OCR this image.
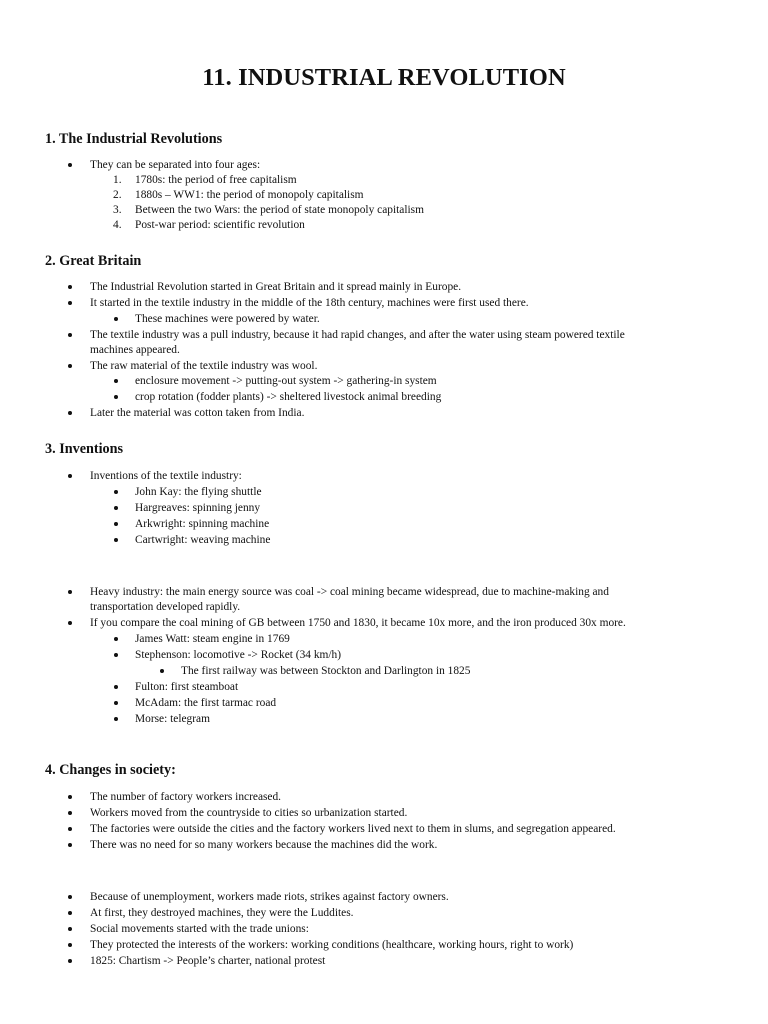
11. INDUSTRIAL REVOLUTION
1. The Industrial Revolutions

They can be separated into four ages:

1. 1780s: the period of free capitalism

2. 1880s – WW1: the period of monopoly capitalism

3. Between the two Wars: the period of state monopoly capitalism

4. Post-war period: scientific revolution

2. Great Britain

The Industrial Revolution started in Great Britain and it spread mainly in Europe.

It started in the textile industry in the middle of the 18th century, machines were first used there.

These machines were powered by water.

The textile industry was a pull industry, because it had rapid changes, and after the water using steam powered textile

machines appeared.

The raw material of the textile industry was wool.

enclosure movement -> putting-out system -> gathering-in system

crop rotation (fodder plants) -> sheltered livestock animal breeding

Later the material was cotton taken from India.

3. Inventions

Inventions of the textile industry:

John Kay: the flying shuttle

Hargreaves: spinning jenny

Arkwright: spinning machine

Cartwright: weaving machine

Heavy industry: the main energy source was coal -> coal mining became widespread, due to machine-making and

transportation developed rapidly.

If you compare the coal mining of GB between 1750 and 1830, it became 10x more, and the iron produced 30x more.

James Watt: steam engine in 1769

Stephenson: locomotive -> Rocket (34 km/h)

The first railway was between Stockton and Darlington in 1825

Fulton: first steamboat

McAdam: the first tarmac road

Morse: telegram

4. Changes in society:

The number of factory workers increased.

Workers moved from the countryside to cities so urbanization started.

The factories were outside the cities and the factory workers lived next to them in slums, and segregation appeared.

There was no need for so many workers because the machines did the work.

Because of unemployment, workers made riots, strikes against factory owners.

At first, they destroyed machines, they were the Luddites.

Social movements started with the trade unions:

They protected the interests of the workers: working conditions (healthcare, working hours, right to work)

1825: Chartism -> People’s charter, national protest
